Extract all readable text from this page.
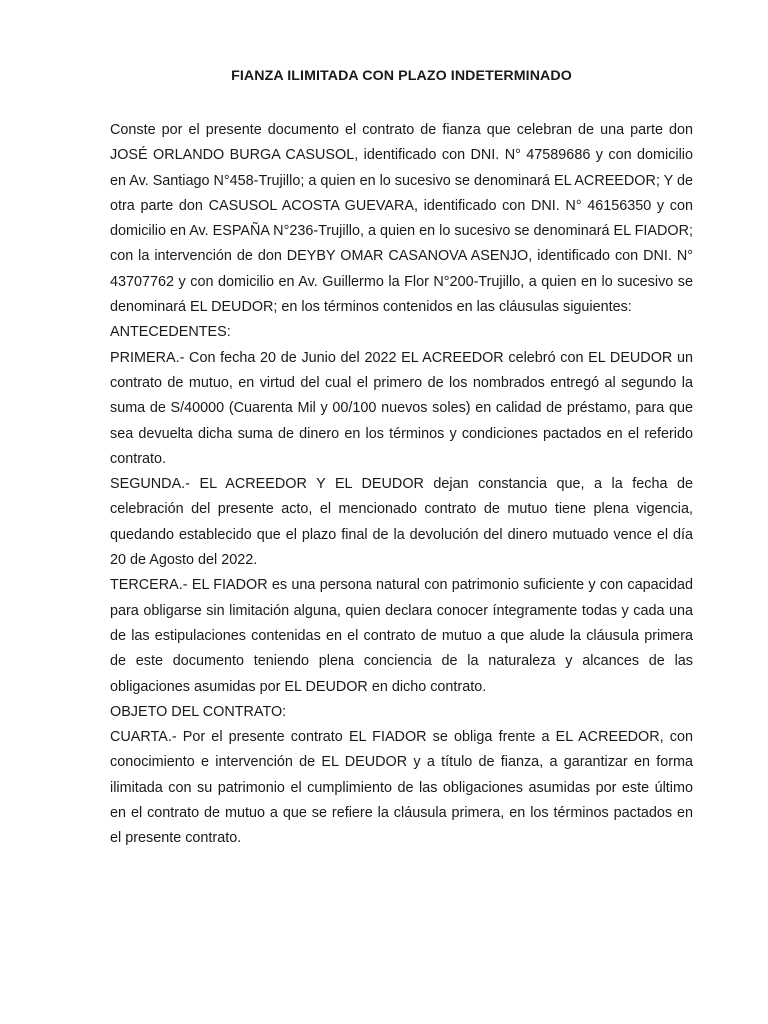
FIANZA ILIMITADA CON PLAZO INDETERMINADO

Conste por el presente documento el contrato de fianza que celebran de una parte don JOSÉ ORLANDO BURGA CASUSOL, identificado con DNI. N° 47589686 y con domicilio en Av. Santiago N°458-Trujillo; a quien en lo sucesivo se denominará EL ACREEDOR; Y de otra parte don CASUSOL ACOSTA GUEVARA, identificado con DNI. N° 46156350 y con domicilio en Av. ESPAÑA N°236-Trujillo, a quien en lo sucesivo se denominará EL FIADOR; con la intervención de don DEYBY OMAR CASANOVA ASENJO, identificado con DNI. N° 43707762 y con domicilio en Av. Guillermo la Flor N°200-Trujillo, a quien en lo sucesivo se denominará EL DEUDOR; en los términos contenidos en las cláusulas siguientes:

ANTECEDENTES:

PRIMERA.- Con fecha 20 de Junio del 2022 EL ACREEDOR celebró con EL DEUDOR un contrato de mutuo, en virtud del cual el primero de los nombrados entregó al segundo la suma de S/40000 (Cuarenta Mil y 00/100 nuevos soles) en calidad de préstamo, para que sea devuelta dicha suma de dinero en los términos y condiciones pactados en el referido contrato.

SEGUNDA.- EL ACREEDOR Y EL DEUDOR dejan constancia que, a la fecha de celebración del presente acto, el mencionado contrato de mutuo tiene plena vigencia, quedando establecido que el plazo final de la devolución del dinero mutuado vence el día 20 de Agosto del 2022.

TERCERA.- EL FIADOR es una persona natural con patrimonio suficiente y con capacidad para obligarse sin limitación alguna, quien declara conocer íntegramente todas y cada una de las estipulaciones contenidas en el contrato de mutuo a que alude la cláusula primera de este documento teniendo plena conciencia de la naturaleza y alcances de las obligaciones asumidas por EL DEUDOR en dicho contrato.

OBJETO DEL CONTRATO:

CUARTA.- Por el presente contrato EL FIADOR se obliga frente a EL ACREEDOR, con conocimiento e intervención de EL DEUDOR y a título de fianza, a garantizar en forma ilimitada con su patrimonio el cumplimiento de las obligaciones asumidas por este último en el contrato de mutuo a que se refiere la cláusula primera, en los términos pactados en el presente contrato.
